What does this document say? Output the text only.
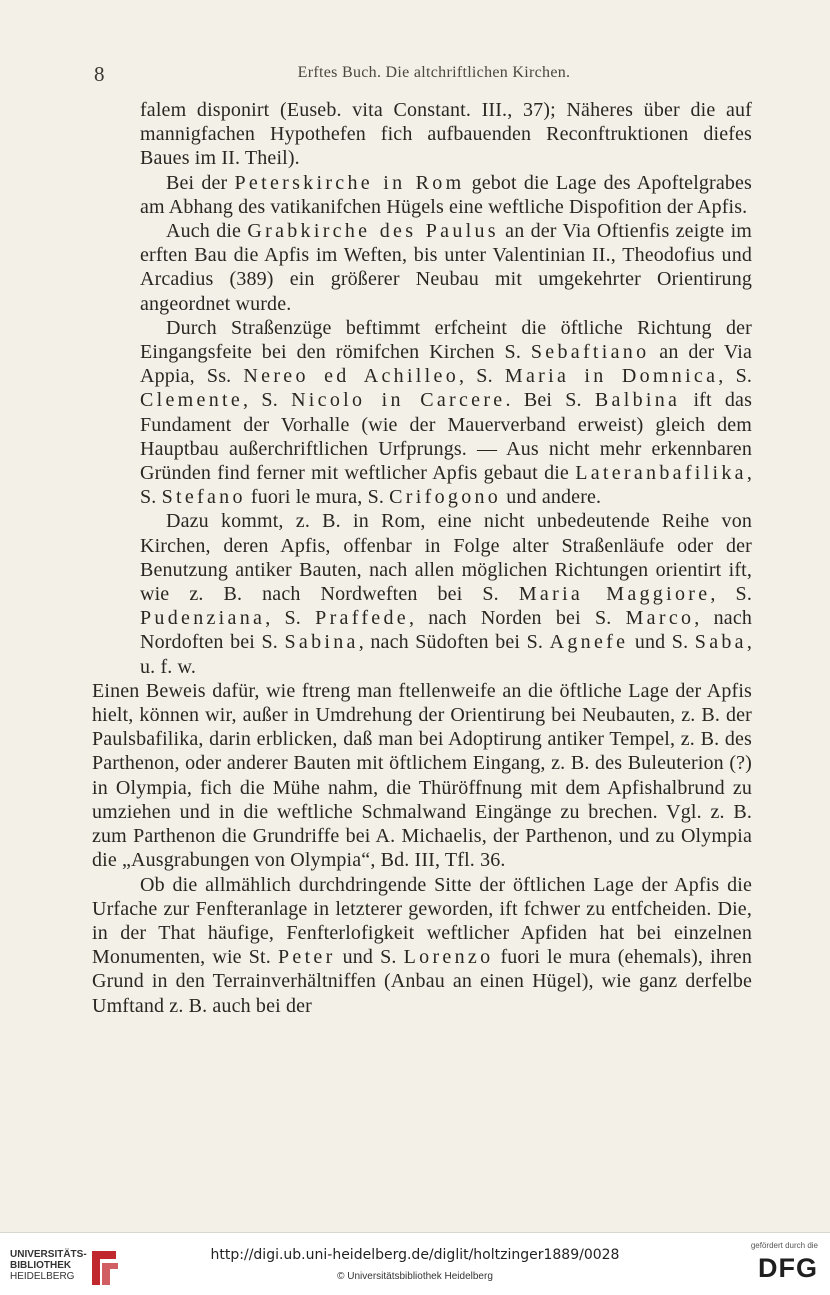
8	Erftes Buch. Die altchriftlichen Kirchen.

falem disponirt (Euseb. vita Constant. III., 37); Näheres über die auf mannigfachen Hypothefen fich aufbauenden Reconftruktionen diefes Baues im II. Theil).

Bei der Peterskirche in Rom gebot die Lage des Apoftelgrabes am Abhang des vatikanifchen Hügels eine weftliche Dispofition der Apfis.

Auch die Grabkirche des Paulus an der Via Oftienfis zeigte im erften Bau die Apfis im Weften, bis unter Valentinian II., Theodofius und Arcadius (389) ein größerer Neubau mit umgekehrter Orientirung angeordnet wurde.

Durch Straßenzüge beftimmt erfcheint die öftliche Richtung der Eingangsfeite bei den römifchen Kirchen S. Sebaftiano an der Via Appia, Ss. Nereo ed Achilleo, S. Maria in Domnica, S. Clemente, S. Nicolo in Carcere. Bei S. Balbina ift das Fundament der Vorhalle (wie der Mauerverband erweist) gleich dem Hauptbau außerchriftlichen Urfprungs. — Aus nicht mehr erkennbaren Gründen find ferner mit weftlicher Apfis gebaut die Lateranbafilika, S. Stefano fuori le mura, S. Crifogono und andere.

Dazu kommt, z. B. in Rom, eine nicht unbedeutende Reihe von Kirchen, deren Apfis, offenbar in Folge alter Straßenläufe oder der Benutzung antiker Bauten, nach allen möglichen Richtungen orientirt ift, wie z. B. nach Nordweften bei S. Maria Maggiore, S. Pudenziana, S. Praffede, nach Norden bei S. Marco, nach Nordoften bei S. Sabina, nach Südoften bei S. Agnefe und S. Saba, u. f. w.

Einen Beweis dafür, wie ftreng man ftellenweife an die öftliche Lage der Apfis hielt, können wir, außer in Umdrehung der Orientirung bei Neubauten, z. B. der Paulsbafilika, darin erblicken, daß man bei Adoptirung antiker Tempel, z. B. des Parthenon, oder anderer Bauten mit öftlichem Eingang, z. B. des Buleuterion (?) in Olympia, fich die Mühe nahm, die Thüröffnung mit dem Apfishalbrund zu umziehen und in die weftliche Schmalwand Eingänge zu brechen. Vgl. z. B. zum Parthenon die Grundriffe bei A. Michaelis, der Parthenon, und zu Olympia die „Ausgrabungen von Olympia“, Bd. III, Tfl. 36.

Ob die allmählich durchdringende Sitte der öftlichen Lage der Apfis die Urfache zur Fenfteranlage in letzterer geworden, ift fchwer zu entfcheiden. Die, in der That häufige, Fenfterlofigkeit weftlicher Apfiden hat bei einzelnen Monumenten, wie St. Peter und S. Lorenzo fuori le mura (ehemals), ihren Grund in den Terrainverhältniffen (Anbau an einen Hügel), wie ganz derfelbe Umftand z. B. auch bei der

UNIVERSITÄTS-
BIBLIOTHEK
HEIDELBERG
http://digi.ub.uni-heidelberg.de/diglit/holtzinger1889/0028
© Universitätsbibliothek Heidelberg
gefördert durch die
DFG
